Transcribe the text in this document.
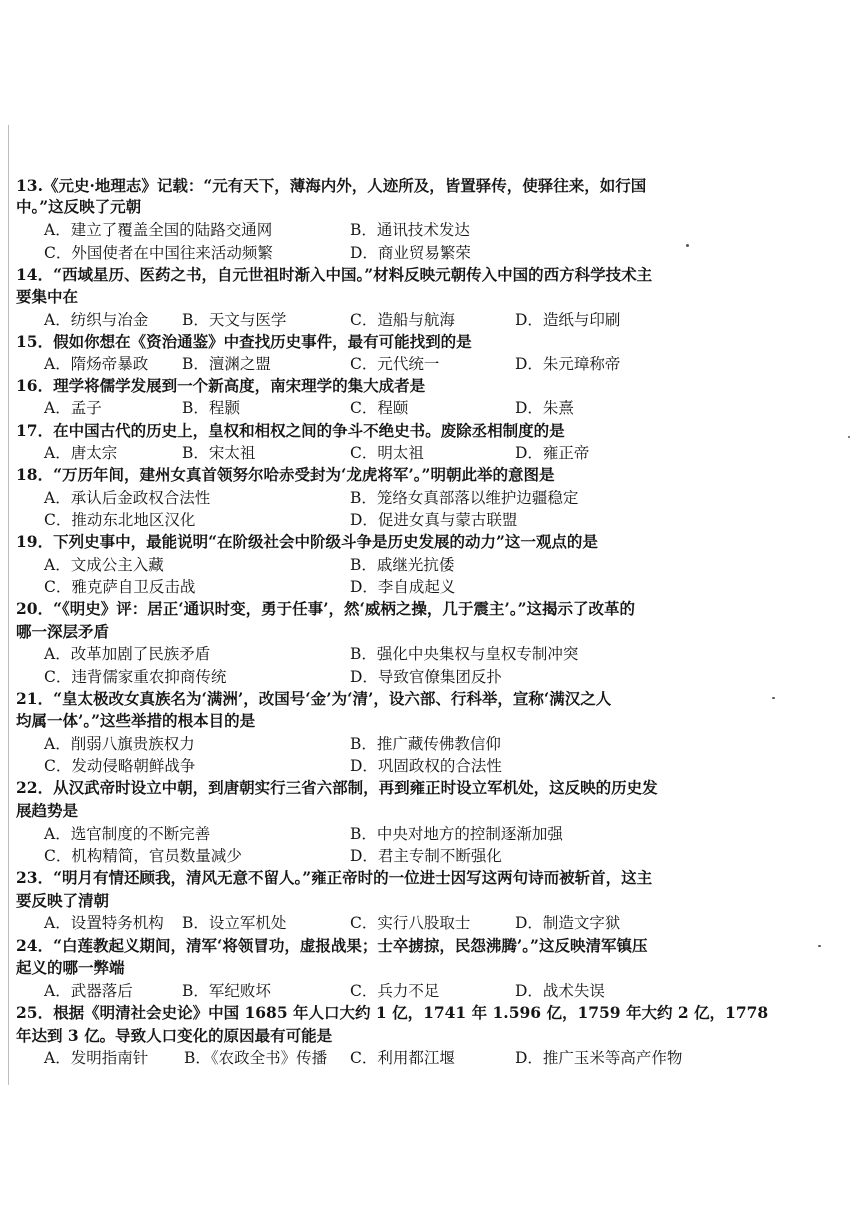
13.《元史·地理志》记载：“元有天下，薄海内外，人迹所及，皆置驿传，使驿往来，如行国
中。”这反映了元朝
A．建立了覆盖全国的陆路交通网	B．通讯技术发达
C．外国使者在中国往来活动频繁	D．商业贸易繁荣
14．“西域星历、医药之书，自元世祖时渐入中国。”材料反映元朝传入中国的西方科学技术主
要集中在
A．纺织与冶金 B．天文与医学	C．造船与航海	D．造纸与印刷
15．假如你想在《资治通鉴》中查找历史事件，最有可能找到的是
A．隋炀帝暴政 B．澶渊之盟	C．元代统一	D．朱元璋称帝
16．理学将儒学发展到一个新高度，南宋理学的集大成者是
A．孟子	B．程颢	C．程颐	D．朱熹
17．在中国古代的历史上，皇权和相权之间的争斗不绝史书。废除丞相制度的是
A．唐太宗	B．宋太祖	C．明太祖	D．雍正帝
18．“万历年间，建州女真首领努尔哈赤受封为‘龙虎将军’。”明朝此举的意图是
A．承认后金政权合法性	B．笼络女真部落以维护边疆稳定
C．推动东北地区汉化	D．促进女真与蒙古联盟
19．下列史事中，最能说明“在阶级社会中阶级斗争是历史发展的动力”这一观点的是
A．文成公主入藏	B．戚继光抗倭
C．雅克萨自卫反击战	D．李自成起义
20．“《明史》评：居正‘通识时变，勇于任事’，然‘威柄之操，几于震主’。”这揭示了改革的
哪一深层矛盾
A．改革加剧了民族矛盾	B．强化中央集权与皇权专制冲突
C．违背儒家重农抑商传统	D．导致官僚集团反扑
21．“皇太极改女真族名为‘满洲’，改国号‘金’为‘清’，设六部、行科举，宣称‘满汉之人
均属一体’。”这些举措的根本目的是
A．削弱八旗贵族权力	B．推广藏传佛教信仰
C．发动侵略朝鲜战争	D．巩固政权的合法性
22．从汉武帝时设立中朝，到唐朝实行三省六部制，再到雍正时设立军机处，这反映的历史发
展趋势是
A．选官制度的不断完善	B．中央对地方的控制逐渐加强
C．机构精简，官员数量减少	D．君主专制不断强化
23．“明月有情还顾我，清风无意不留人。”雍正帝时的一位进士因写这两句诗而被斩首，这主
要反映了清朝
A．设置特务机构 B．设立军机处	C．实行八股取士	D．制造文字狱
24．“白莲教起义期间，清军‘将领冒功，虚报战果；士卒掳掠，民怨沸腾’。”这反映清军镇压
起义的哪一弊端
A．武器落后	B．军纪败坏	C．兵力不足	D．战术失误
25．根据《明清社会史论》中国 1685 年人口大约 1 亿，1741 年 1.596 亿，1759 年大约 2 亿，1778
年达到 3 亿。导致人口变化的原因最有可能是
A．发明指南针 B．《农政全书》传播 C．利用都江堰	D．推广玉米等高产作物
